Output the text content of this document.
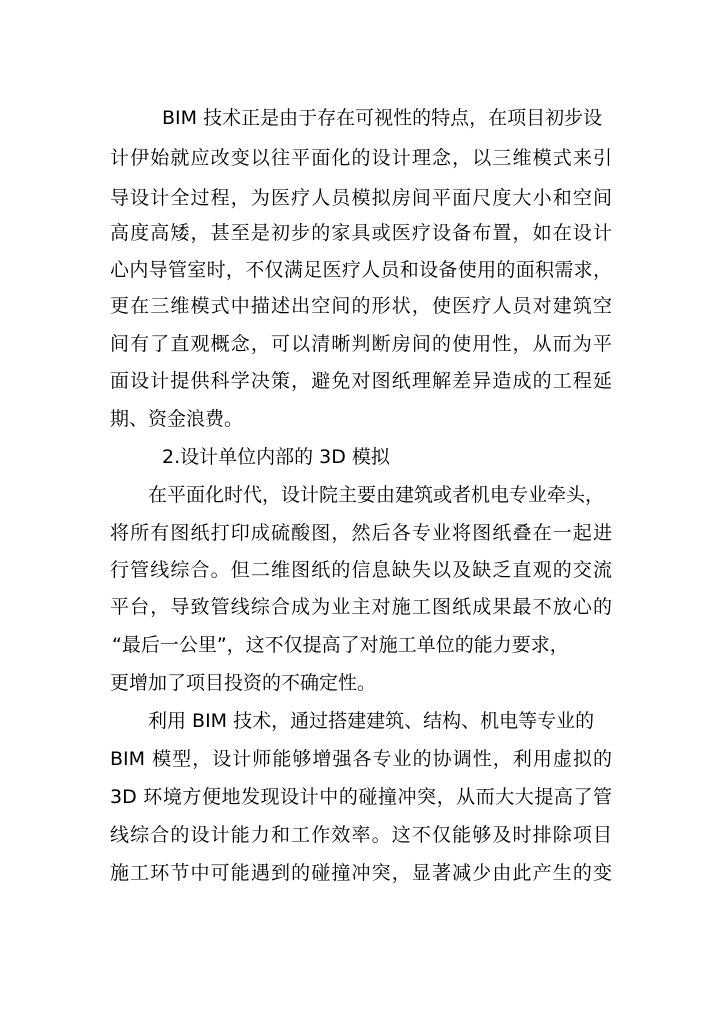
BIM 技术正是由于存在可视性的特点，在项目初步设
计伊始就应改变以往平面化的设计理念，以三维模式来引
导设计全过程，为医疗人员模拟房间平面尺度大小和空间
高度高矮，甚至是初步的家具或医疗设备布置，如在设计
心内导管室时，不仅满足医疗人员和设备使用的面积需求，
更在三维模式中描述出空间的形状，使医疗人员对建筑空
间有了直观概念，可以清晰判断房间的使用性，从而为平
面设计提供科学决策，避免对图纸理解差异造成的工程延
期、资金浪费。
2.设计单位内部的 3D 模拟
在平面化时代，设计院主要由建筑或者机电专业牵头，
将所有图纸打印成硫酸图，然后各专业将图纸叠在一起进
行管线综合。但二维图纸的信息缺失以及缺乏直观的交流
平台，导致管线综合成为业主对施工图纸成果最不放心的
“最后一公里”，这不仅提高了对施工单位的能力要求，
更增加了项目投资的不确定性。
利用 BIM 技术，通过搭建建筑、结构、机电等专业的
BIM 模型，设计师能够增强各专业的协调性，利用虚拟的
3D 环境方便地发现设计中的碰撞冲突，从而大大提高了管
线综合的设计能力和工作效率。这不仅能够及时排除项目
施工环节中可能遇到的碰撞冲突，显著减少由此产生的变
